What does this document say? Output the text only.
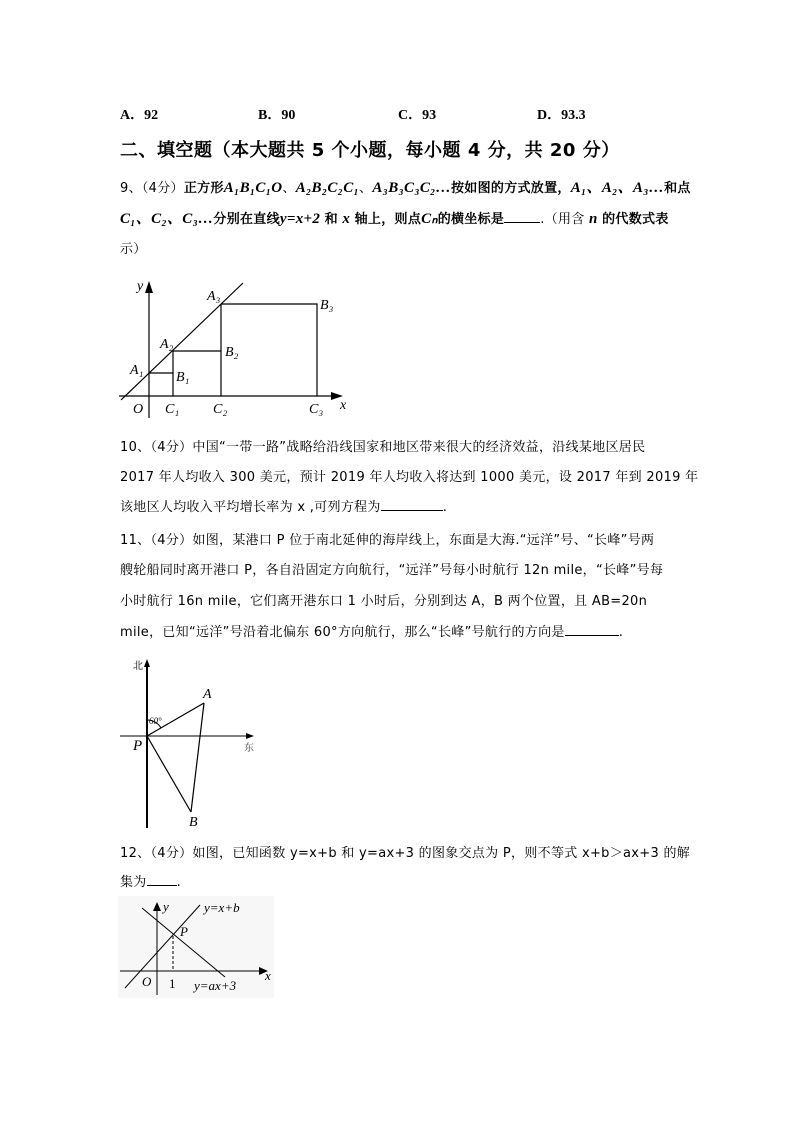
A．92	B．90	C．93	D．93.3
二、填空题（本大题共 5 个小题，每小题 4 分，共 20 分）
9、（4分）正方形A₁B₁C₁O、A₂B₂C₂C₁、A₃B₃C₃C₂…按如图的方式放置，A₁、A₂、A₃…和点
C₁、C₂、C₃…分别在直线y=x+2 和 x 轴上，则点Cₙ的横坐标是	.（用含 n 的代数式表
示）
y
x
O
A₁
A₂
A₃
B₁
B₂
B₃
C₁ C₂	C₃
10、（4分）中国“一带一路”战略给沿线国家和地区带来很大的经济效益，沿线某地区居民
2017 年人均收入 300 美元，预计 2019 年人均收入将达到 1000 美元，设 2017 年到 2019 年
该地区人均收入平均增长率为 x ,可列方程为	.
11、（4分）如图，某港口 P 位于南北延伸的海岸线上，东面是大海.“远洋”号、“长峰”号两
艘轮船同时离开港口 P，各自沿固定方向航行，“远洋”号每小时航行 12n mile，“长峰”号每
小时航行 16n mile，它们离开港东口 1 小时后，分别到达 A，B 两个位置，且 AB=20n
mile，已知“远洋”号沿着北偏东 60°方向航行，那么“长峰”号航行的方向是	.
北
东
P
A
B
60°
12、（4分）如图，已知函数 y=x+b 和 y=ax+3 的图象交点为 P，则不等式 x+b＞ax+3 的解
集为 .
y
x
O 1
P
y=x+b
y=ax+3
